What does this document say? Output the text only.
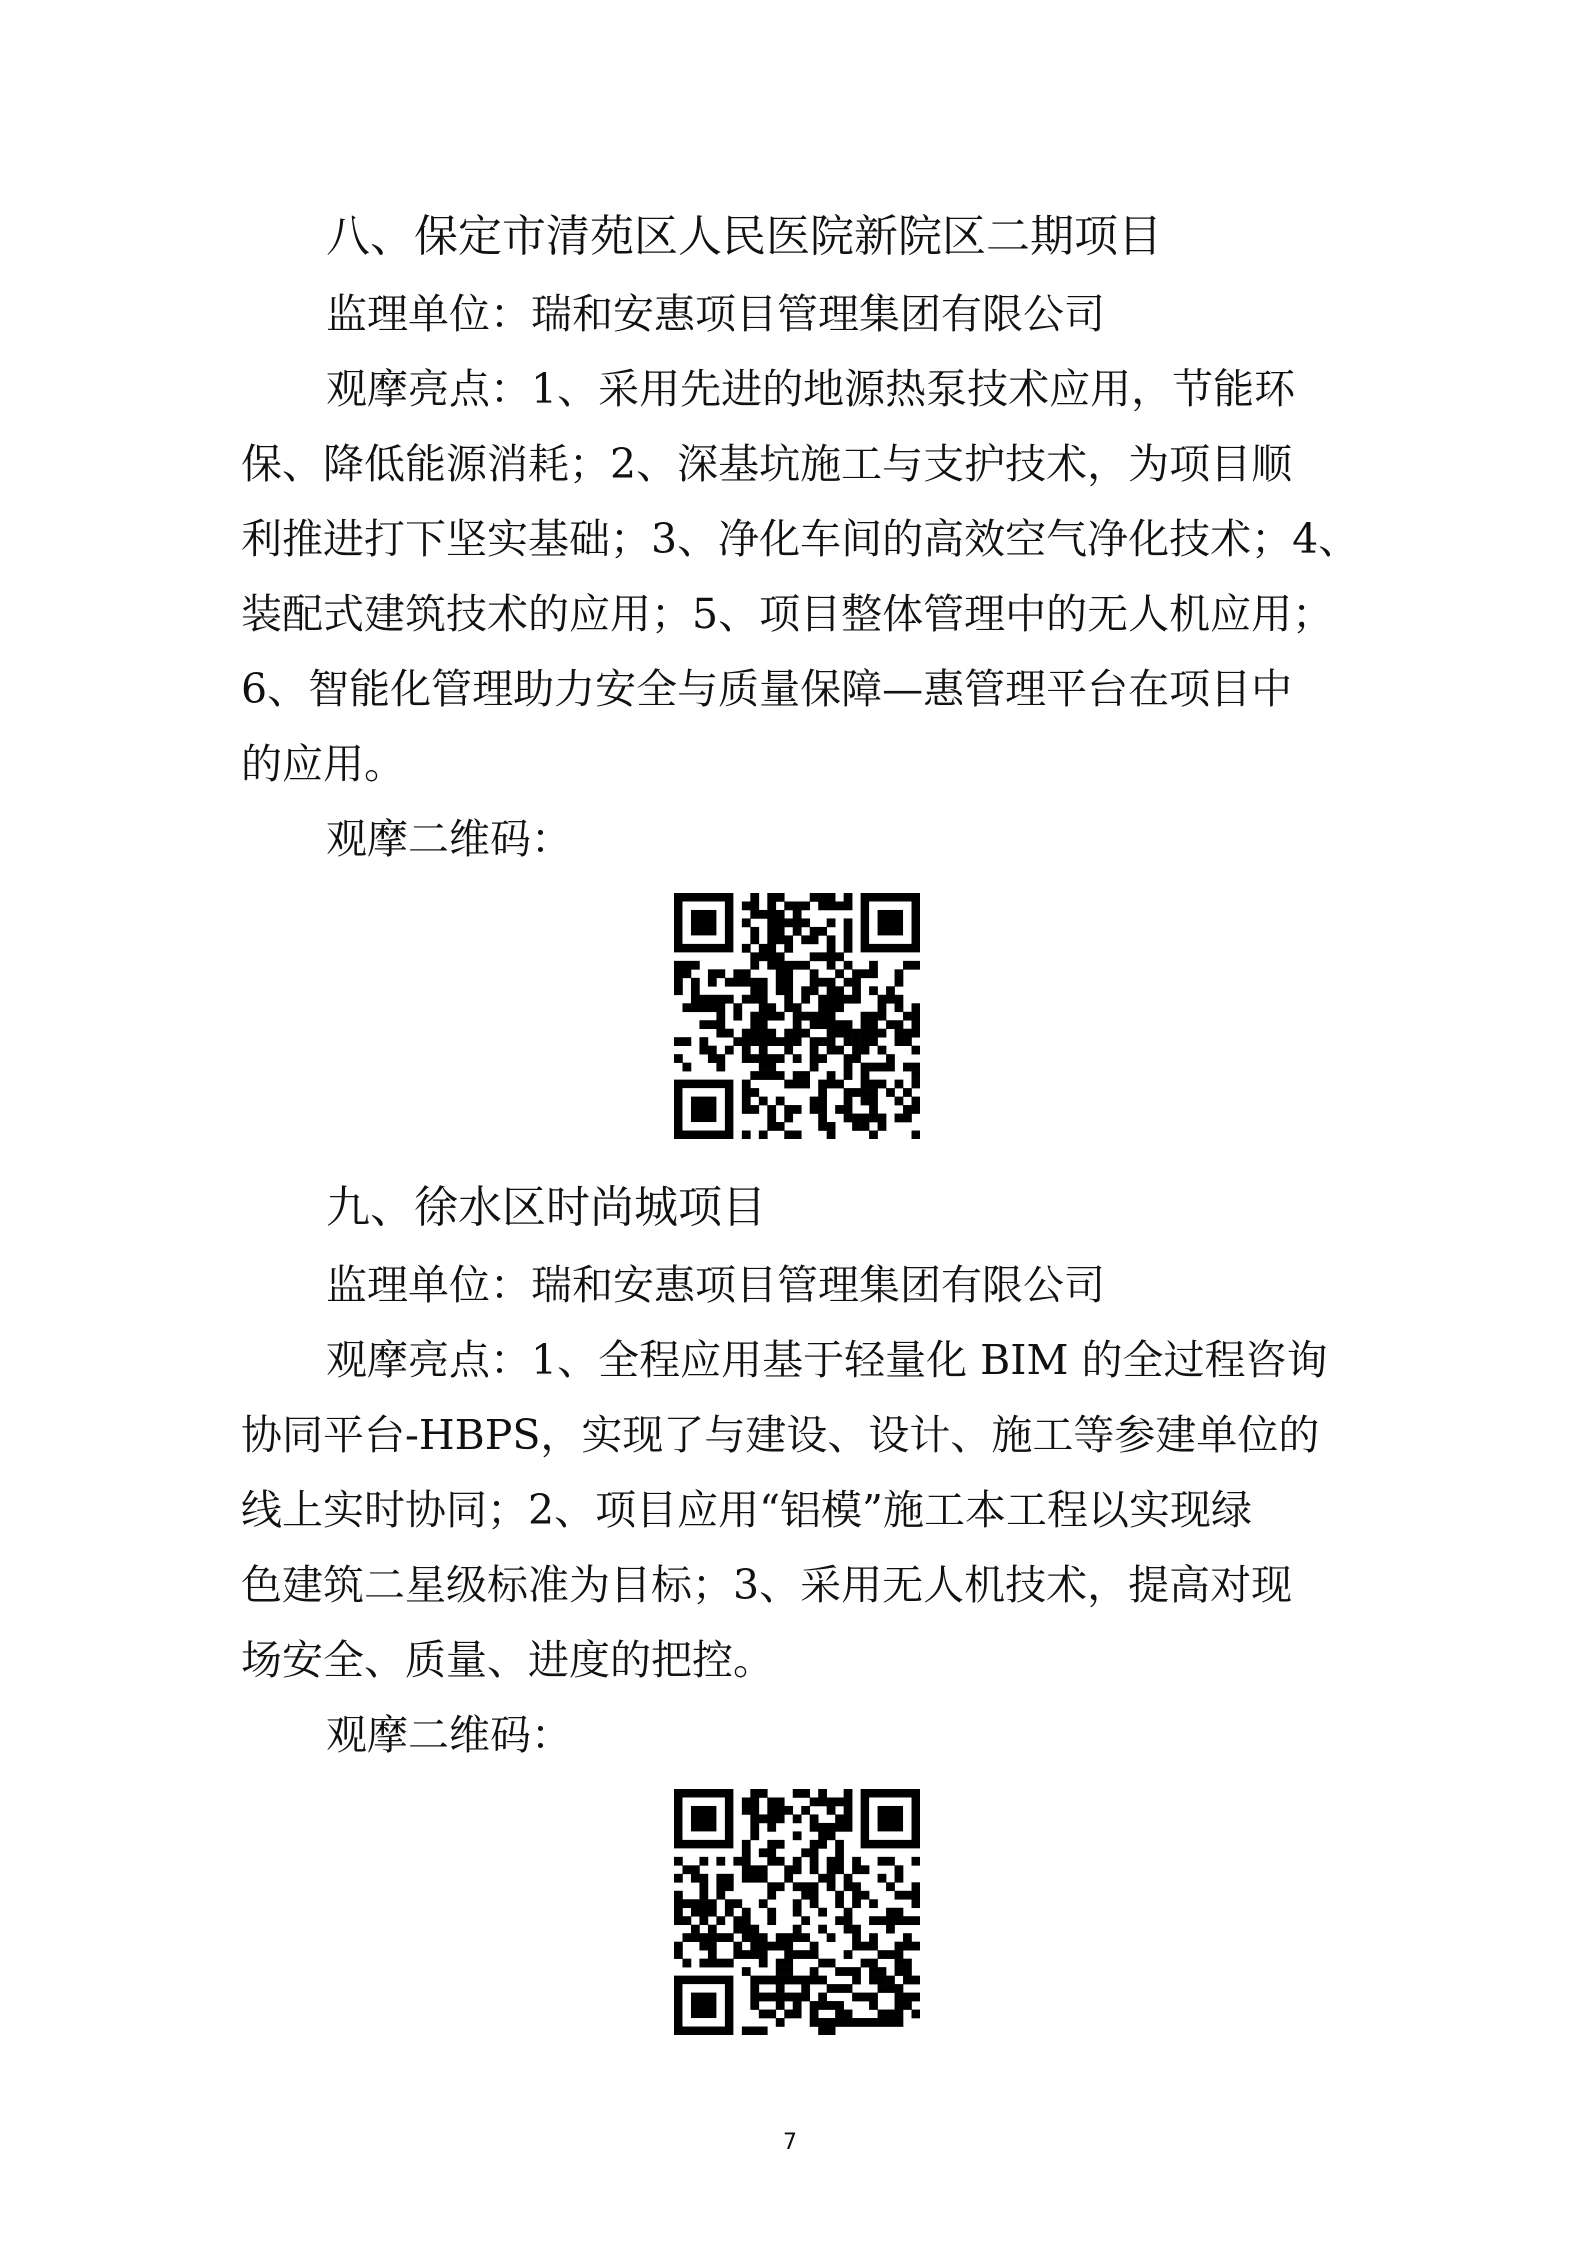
八、保定市清苑区人民医院新院区二期项目
监理单位：瑞和安惠项目管理集团有限公司
观摩亮点：1、采用先进的地源热泵技术应用，节能环
保、降低能源消耗；2、深基坑施工与支护技术，为项目顺
利推进打下坚实基础；3、净化车间的高效空气净化技术；4、
装配式建筑技术的应用；5、项目整体管理中的无人机应用；
6、智能化管理助力安全与质量保障—惠管理平台在项目中
的应用。
观摩二维码：
九、徐水区时尚城项目
监理单位：瑞和安惠项目管理集团有限公司
观摩亮点：1、全程应用基于轻量化 BIM 的全过程咨询
协同平台-HBPS，实现了与建设、设计、施工等参建单位的
线上实时协同；2、项目应用“铝模”施工本工程以实现绿
色建筑二星级标准为目标；3、采用无人机技术，提高对现
场安全、质量、进度的把控。
观摩二维码：
7
